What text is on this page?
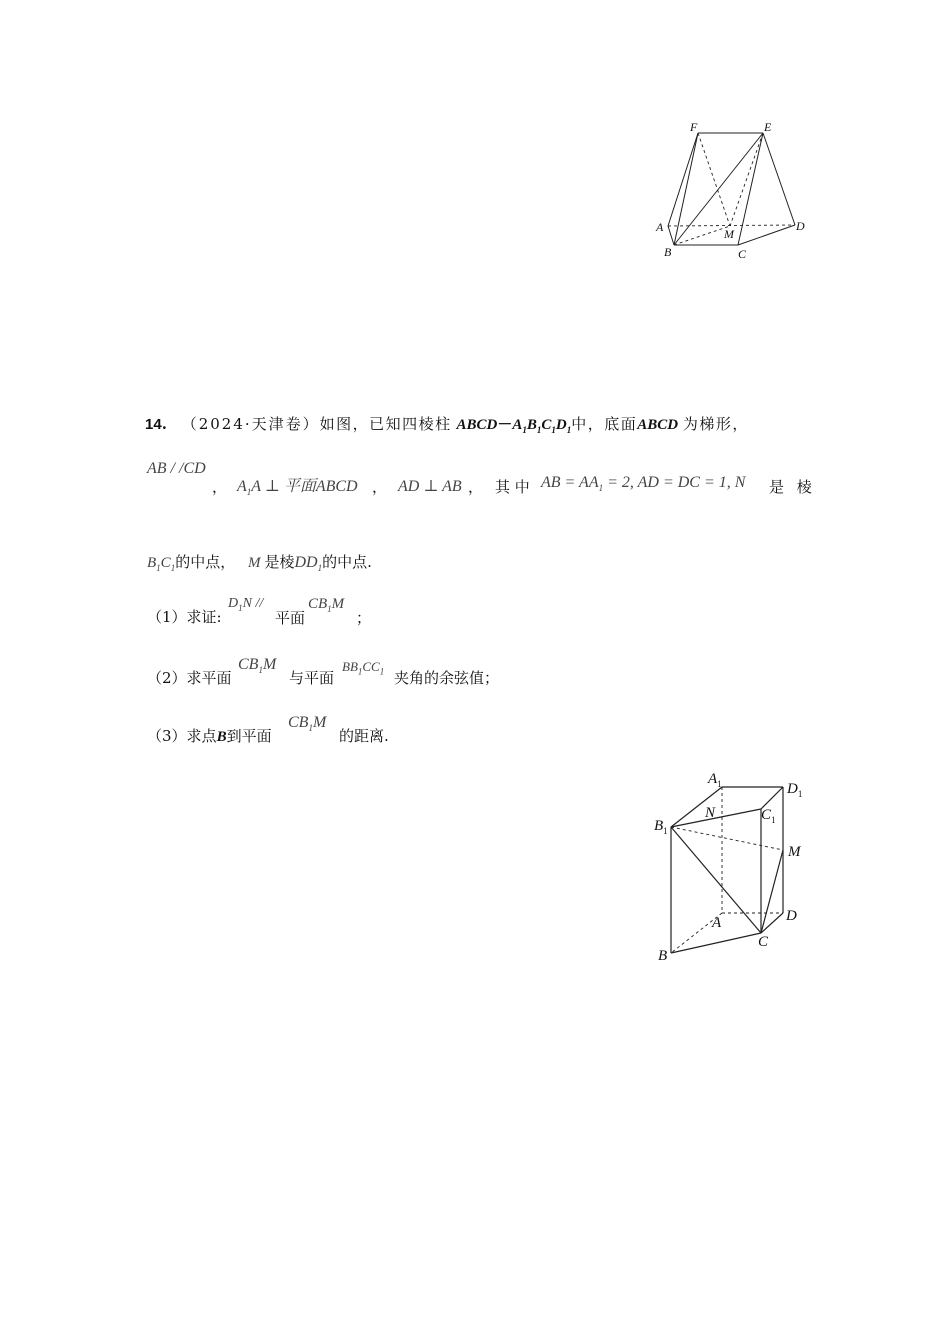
F	E
A	M
D
B	C
14. （2024·天津卷）如图，已知四棱柱 $ABCD-A_1B_1C_1D_1$中，底面ABCD 为梯形，
AB / /CD
， $A_1A$ ⊥ 平面ABCD ， AD ⊥ AB ， 其 中 AB = $AA_1 = 2$, AD = DC = 1, N 是 棱
$B_1C_1$的中点， M 是棱$DD_1$的中点.
（1）求证:
$D_1N$ //
平面
$CB_1M$
；
（2）求平面
$CB_1M$
与平面
$BB_1CC_1$ 夹角的余弦值；
（3）求点B到平面
$CB_1M$
的距离.
$A_1$	$D_1$
N	$C_1$
$B_1$
M
A	D
C
B
